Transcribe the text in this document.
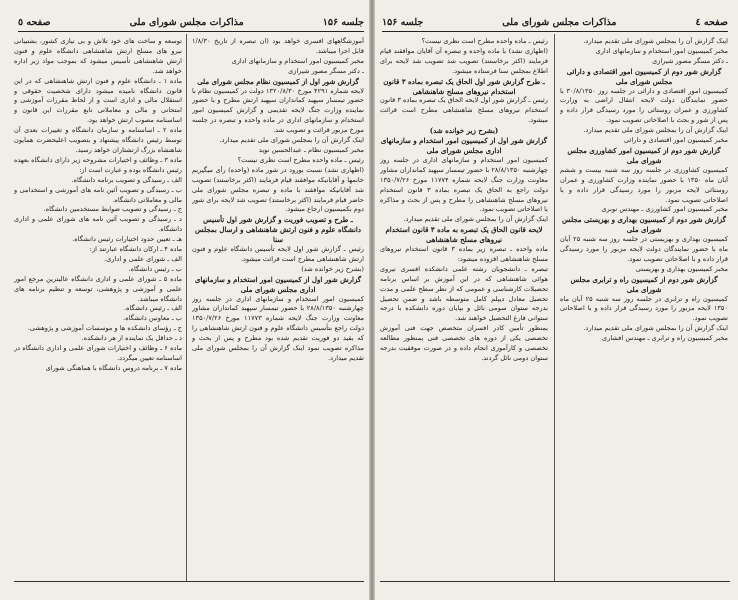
جلسه ۱۵۶
مذاکرات مجلس شورای ملی
صفحه ٥

آموزشگاههای افسری خواهد بود (ان تبصره از تاریخ ۱/۸/۳۰ قابل اجرا میباشد.

مخبر کمیسیون امور استخدام و سازمانهای اداری

ـ دکتر مسگر مصور شیرازی

گزارش شور اول از کمیسیون نظام مجلس شورای ملی

لایحه شماره ۴۲۹۱ مورخ ۱۳۲۰/۸/۳۰ دولت در کمیسیون نظام با حضور تیمسار سپهبد کمانداران سپهبد ارتش مطرح و با حضور نماینده وزارت جنگ لایحه تقدیمی و گزارش کمیسیون امور استخدام و سازمانهای اداری در ماده واحده و تبصره در جلسه مورخ مزبور قرائت و تصویب شد.

اینک گزارش آن را بمجلس شورای ملی تقدیم میدارد.

مخبر کمیسیون نظام ـ عبدالحسین نوید

رئیس ـ ماده واحده مطرح است نظری نیست؟

(اظهاری نشد) نسبت بورود در شور ماده (واحده) رأی میگیریم خانمها و آقایانیکه موافقند قیام فرمایند (اکثر برخاستند) تصویب شد آقایانیکه موافقند با ماده و تبصره مجلس شورای ملی حاضر قیام فرمایند (اکثر برخاستند) تصویب شد لایحه برای شور دوم بکمیسیون ارجاع میشود.

ـ طرح و تصویب فوریت و گزارش شور اول تأسیس دانشگاه علوم و فنون ارتش شاهنشاهی و ارسال بمجلس سنا

رئیس ـ گزارش شور اول لایحه تأسیس دانشگاه علوم و فنون ارتش شاهنشاهی مطرح است قرائت میشود.

(بشرح زیر خوانده شد)

گزارش شور اول از کمیسیون امور استخدام و سازمانهای اداری مجلس شورای ملی

کمیسیون امور استخدام و سازمانهای اداری در جلسه روز چهارشنبه ۲۸/۸/۱۳۵۰ با حضور تیمسار سپهبد کمانداران مشاور معاونت وزارت جنگ لایحه شماره ۱۱۷۷۳ مورخ ۱۳۵۰/۷/۲۶ دولت راجع بتأسیس دانشگاه علوم و فنون ارتش شاهنشاهی را که بقید دو فوریت تقدیم شده بود مطرح و پس از بحث و مذاکره تصویب نمود اینک گزارش آن را بمجلس شورای ملی تقدیم میدارد.

توسعه و ساخت های خود تلاش و بی نیازی کشور، بشتیبانی نیرو های مسلح ارتش شاهنشاهی دانشگاه علوم و فنون ارتش شاهنشاهی تأسیس میشود که بموجب مواد زیر اداره خواهد شد.

ماده ۱ ـ دانشگاه علوم و فنون ارتش شاهنشاهی که در این قانون دانشگاه نامیده میشود دارای شخصیت حقوقی و استقلال مالی و اداری است و از لحاظ مقررات آموزشی و امتحانی و مالی و معاملاتی تابع مقررات این قانون و اساسنامه مصوب ارتش خواهد بود.

ماده ۲ ـ اساسنامه و سازمان دانشگاه و تغییرات بعدی آن توسط رئیس دانشگاه پیشنهاد و بتصویب اعلیحضرت همایون شاهنشاه بزرگ ارتشتاران خواهد رسید.

ماده ۳ ـ وظائف و اختیارات مشروحه زیر دارای دانشگاه بعهده رئیس دانشگاه بوده و عبارت است از:

الف ـ رسیدگی و تصویب برنامه دانشگاه.

ب ـ رسیدگی و تصویب آئین نامه های آموزشی و استخدامی و مالی و معاملاتی دانشگاه.

ج ـ رسیدگی و تصویب ضوابط مستخدمین دانشگاه.

د ـ رسیدگی و تصویب آئین نامه های شورای علمی و اداری دانشگاه.

هـ ـ تعیین حدود اختیارات رئیس دانشگاه.

ماده ۴ ـ ارکان دانشگاه عبارتند از:

الف ـ شورای علمی و اداری.

ب ـ رئیس دانشگاه.

ماده ۵ ـ شورای علمی و اداری دانشگاه عالیترین مرجع امور علمی و آموزشی و پژوهشی، توسعه و تنظیم برنامه های دانشگاه میباشد.

الف ـ رئیس دانشگاه.

ب ـ معاونین دانشگاه.

ج ـ رؤسای دانشکده ها و موسسات آموزشی و پژوهشی.

د ـ حداقل یک نماینده از هر دانشکده.

ماده ۶ ـ وظائف و اختیارات شورای علمی و اداری دانشگاه در اساسنامه تعیین میگردد.

ماده ۷ ـ برنامه دروس دانشگاه با هماهنگی شورای

صفحه ٤
مذاکرات مجلس شورای ملی
جلسه ۱۵۶

اینک گزارش آن را بمجلس شورای ملی تقدیم میدارد.

مخبر کمیسیون امور استخدام و سازمانهای اداری

ـ دکتر مسگر مصور شیرازی

گزارش شور دوم از کمیسیون امور اقتصادی و دارائی مجلس شورای ملی

کمیسیون امور اقتصادی و دارائی در جلسه روز ۳۰/۸/۱۳۵۰ با حضور نمایندگان دولت لایحه انتقال اراضی به وزارت کشاورزی و عمران روستائی را مورد رسیدگی قرار داده و پس از شور و بحث با اصلاحاتی تصویب نمود.

اینک گزارش آن را بمجلس شورای ملی تقدیم میدارد.

مخبر کمیسیون امور اقتصادی و دارائی

گزارش شور دوم از کمیسیون امور کشاورزی مجلس شورای ملی

کمیسیون کشاورزی در جلسه روز سه شنبه بیست و ششم آبان ماه ۱۳۵۰ با حضور نماینده وزارت کشاورزی و عمران روستائی لایحه مزبور را مورد رسیدگی قرار داده و با اصلاحاتی تصویب نمود.

مخبر کمیسیون امور کشاورزی ـ مهندس نوبری

گزارش شور دوم از کمیسیون بهداری و بهزیستی مجلس شورای ملی

کمیسیون بهداری و بهزیستی در جلسه روز سه شنبه ۲۵ آبان ماه با حضور نمایندگان دولت لایحه مزبور را مورد رسیدگی قرار داده و با اصلاحاتی تصویب نمود.

مخبر کمیسیون بهداری و بهزیستی

گزارش شور دوم از کمیسیون راه و ترابری مجلس شورای ملی

کمیسیون راه و ترابری در جلسه روز سه شنبه ۲۵ آبان ماه ۱۳۵۰ لایحه مزبور را مورد رسیدگی قرار داده و با اصلاحاتی تصویب نمود.

اینک گزارش آن را بمجلس شورای ملی تقدیم میدارد.

مخبر کمیسیون راه و ترابری ـ مهندس افشاری

رئیس ـ ماده واحده مطرح است نظری نیست؟

(اظهاری نشد) با ماده واحده و تبصره آن آقایان موافقند قیام فرمایند (اکثر برخاستند) تصویب شد تصویب شد لایحه برای اطلاع بمجلس سنا فرستاده میشود.

ـ طرح گزارش شور اول الحاق یک تبصره بماده ۳ قانون استخدام نیروهای مسلح شاهنشاهی

رئیس ـ گزارش شور اول لایحه الحاق یک تبصره بماده ۳ قانون استخدام نیروهای مسلح شاهنشاهی مطرح است قرائت میشود.

(بشرح زیر خوانده شد)

گزارش شور اول از کمیسیون امور استخدام و سازمانهای اداری مجلس شورای ملی

کمیسیون امور استخدام و سازمانهای اداری در جلسه روز چهارشنبه ۲۸/۸/۱۳۵۰ با حضور تیمسار سپهبد کمانداران مشاور معاونت وزارت جنگ لایحه شماره ۱۱۷۷۴ مورخ ۱۳۵۰/۷/۲۶ دولت راجع به الحاق یک تبصره بماده ۳ قانون استخدام نیروهای مسلح شاهنشاهی را مطرح و پس از بحث و مذاکره با اصلاحاتی تصویب نمود.

اینک گزارش آن را بمجلس شورای ملی تقدیم میدارد.

لایحه قانون الحاق یک تبصره به ماده ۳ قانون استخدام نیروهای مسلح شاهنشاهی

ماده واحده ـ تبصره زیر بماده ۳ قانون استخدام نیروهای مسلح شاهنشاهی افزوده میشود:

تبصره ـ دانشجویان رشته علمی دانشکده افسری نیروی هوائی شاهنشاهی که در این آموزش بر اساس برنامه تحصیلات کارشناسی و عمومی که از نظر سطح علمی و مدت تحصیل معادل دیپلم کامل متوسطه باشد و ضمن تحصیل بدرجه ستوان سومی نائل و بپایان دوره دانشکده با درجه ستوانی فارغ التحصیل خواهند شد.

بمنظور تأمین کادر افسران متخصص جهت فنی آموزش تخصصی یکی از دوره های تخصصی فنی بمنظور مطالعه تخصصی و کارآموزی انجام داده و در صورت موفقیت بدرجه ستوان دومی نائل گردند.
